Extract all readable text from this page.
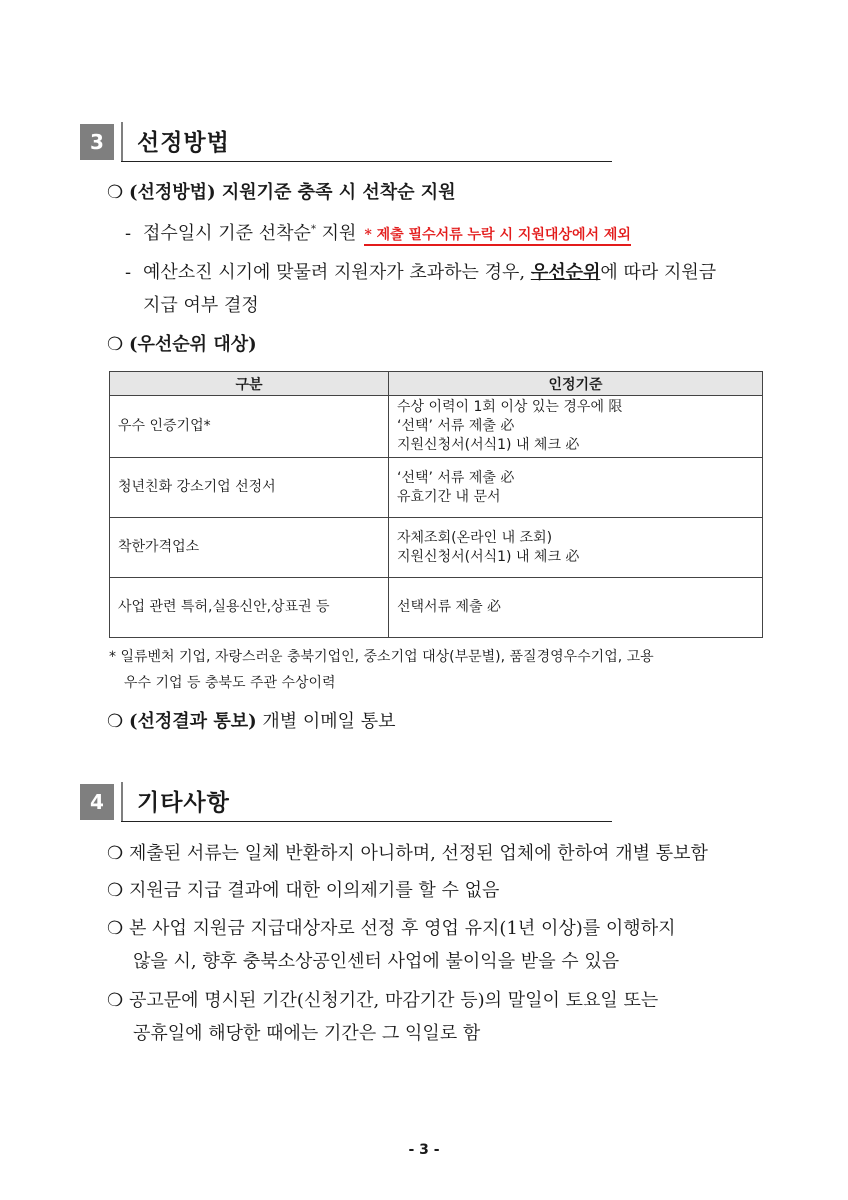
3	선정방법
❍ (선정방법) 지원기준 충족 시 선착순 지원
- 접수일시 기준 선착순* 지원 * 제출 필수서류 누락 시 지원대상에서 제외
- 예산소진 시기에 맞물려 지원자가 초과하는 경우, 우선순위에 따라 지원금
지급 여부 결정
❍ (우선순위 대상)
구분	인정기준
우수 인증기업*	수상 이력이 1회 이상 있는 경우에 限
‘선택’ 서류 제출 必
지원신청서(서식1) 내 체크 必

청년친화 강소기업 선정서	‘선택’ 서류 제출 必
유효기간 내 문서

착한가격업소	자체조회(온라인 내 조회)
지원신청서(서식1) 내 체크 必

사업 관련 특허,실용신안,상표권 등	선택서류 제출 必
* 일류벤처 기업, 자랑스러운 충북기업인, 중소기업 대상(부문별), 품질경영우수기업, 고용
우수 기업 등 충북도 주관 수상이력
❍ (선정결과 통보) 개별 이메일 통보
4	기타사항
❍ 제출된 서류는 일체 반환하지 아니하며, 선정된 업체에 한하여 개별 통보함
❍ 지원금 지급 결과에 대한 이의제기를 할 수 없음
❍ 본 사업 지원금 지급대상자로 선정 후 영업 유지(1년 이상)를 이행하지
않을 시, 향후 충북소상공인센터 사업에 불이익을 받을 수 있음
❍ 공고문에 명시된 기간(신청기간, 마감기간 등)의 말일이 토요일 또는
공휴일에 해당한 때에는 기간은 그 익일로 함
- 3 -
